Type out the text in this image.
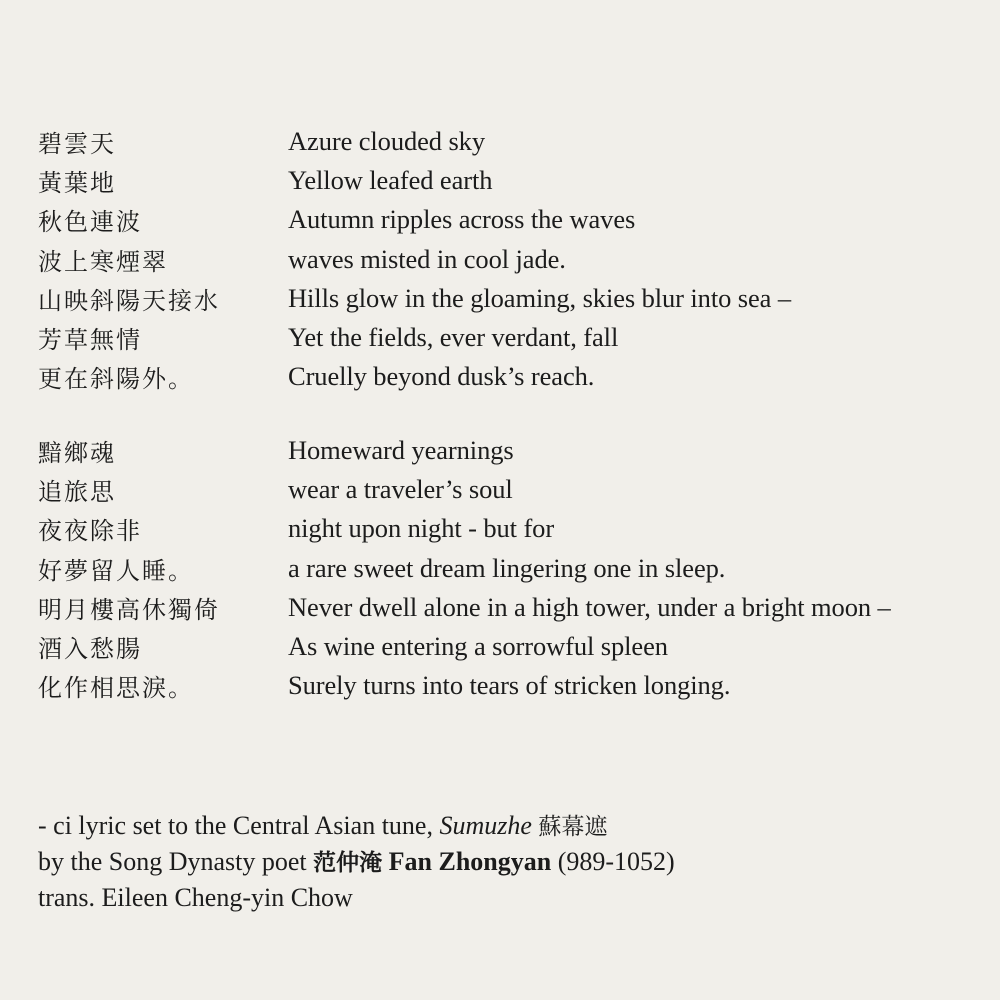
碧雲天	Azure clouded sky
黃葉地	Yellow leafed earth
秋色連波	Autumn ripples across the waves
波上寒煙翠	waves misted in cool jade.
山映斜陽天接水	Hills glow in the gloaming, skies blur into sea –
芳草無情	Yet the fields, ever verdant, fall
更在斜陽外。	Cruelly beyond dusk’s reach.
黯鄉魂	Homeward yearnings
追旅思	wear a traveler’s soul
夜夜除非	night upon night - but for
好夢留人睡。	a rare sweet dream lingering one in sleep.
明月樓高休獨倚	Never dwell alone in a high tower, under a bright moon –
酒入愁腸	As wine entering a sorrowful spleen
化作相思淚。	Surely turns into tears of stricken longing.
- ci lyric set to the Central Asian tune, Sumuzhe 蘇幕遮
by the Song Dynasty poet 范仲淹 Fan Zhongyan (989-1052)
trans. Eileen Cheng-yin Chow
